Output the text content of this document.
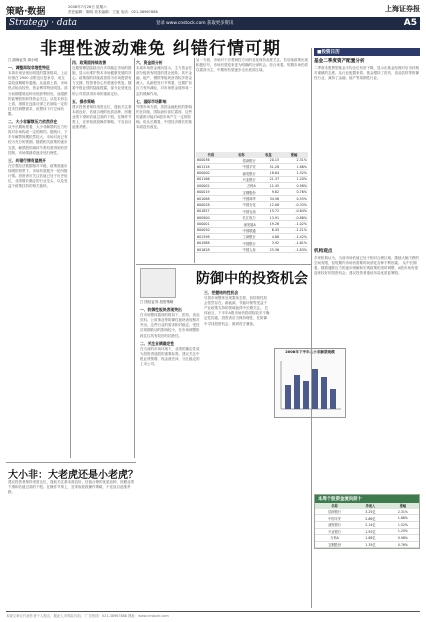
策略·数据	2008年7月26日 星期六
责任编辑：陈明 美术编辑：王旭 电话：021-38967888	上海证券报
Strategy · data	登录 www.cnstock.com 获取更多资讯	A5
非理性波动难免 纠错行情可期
□ 渤海证券 周小明
一、调整再现非理性特征
本周市场呈现出明显的震荡格局，上证综指在 2900 点附近反复争夺，成交量较前期略有萎缩。从盘面上看，市场热点轮动较快，资金博弈特征明显。部分前期强势品种出现获利回吐，而超跌的蓝筹股则获得资金关注。从技术形态上看，指数在连续反弹之后面临一定的技术性调整需求，但整体下行空间有限。
二、大小非解禁压力依然存在
从中长期角度看，大小非解禁的压力仍将对市场构成一定的制约。据统计，下半年解禁规模依然较大，市场对此已有较为充分的预期。随着相关政策的逐步完善，解禁股的减持节奏有望得到有效控制，市场情绪将逐步回归理性。
三、纠错行情有望展开
在宏观经济数据相对平稳、政策面逐步转暖的背景下，市场有望展开一轮纠错行情。投资者可关注估值已处于历史低位、业绩增长确定的行业龙头，以及受益于政策扶持的相关板块。
四、政策面持续改善
近期管理层陆续出台多项稳定市场的措施，显示出维护资本市场健康发展的决心。政策面的持续改善将为市场提供有力支撑，投资者信心有望逐步恢复。随着中报业绩的陆续披露，部分业绩优良的公司将获得市场的重新定价。
五、操作策略
建议投资者保持适度仓位，逢低关注基本面良好、估值合理的优质品种，回避业绩下滑和估值过高的个股。在操作节奏上，宜采取波段操作策略，不宜盲目追涨杀跌。
六、资金面分析
本周市场资金流向显示，主力资金在部分板块有明显的建仓迹象，其中金融、地产、钢铁等板块获得较多资金流入。从新股发行节奏看，近期扩容压力有所减轻，对市场资金面形成一定的缓解作用。
七、国际市场影响
外围市场方面，美国金融危机的影响仍在持续，国际油价高位震荡，这些因素都可能对A股市场产生一定的影响。但从长期看，中国经济增长的基本面没有改变。
另一方面，市场对于宏观调控方向的变化保持高度关注。若后续政策出现积极信号，市场有望迎来更为明确的反弹机会。综合来看，短期市场仍将以震荡为主，中期则有望逐步走出底部区域。
代码	名称	收盘	涨幅
600036	招商银行	20.15	2.31%
601318	中国平安	51.28	1.86%
600000	浦发银行	18.64	1.52%
601166	兴业银行	21.37	1.20%
000002	万科A	11.45	0.98%
600019	宝钢股份	9.82	0.76%
601088	中国神华	34.56	0.55%
600028	中国石化	12.08	-0.33%
601857	中国石油	15.72	-0.64%
600900	长江电力	13.91	-0.86%
000001	深发展A	19.26	-1.02%
600050	中国联通	6.45	-1.21%
601398	工商银行	4.88	-1.42%
601988	中国银行	3.92	-1.61%
601628	中国人寿	25.36	-1.83%
防御中的投资机会
□ 国信证券 投资策略
一、防御性板块表现突出
在市场整体震荡的格局下，医药、食品饮料、公用事业等防御性板块表现相对突出。这些行业的需求相对稳定，受经济周期波动的影响较小，在市场调整阶段往往具有较好的抗跌性。
二、关注业绩确定性
在当前的市场环境下，业绩的确定性成为投资者选股的重要标准。建议关注中报业绩预增、现金流充沛、分红稳定的上市公司。
三、把握结构性机会
尽管市场整体呈现震荡态势，但结构性机会依然存在。新能源、节能环保等受益于产业政策支持的领域值得中长期关注。 总体而言，下半年A股市场仍将面临较多不确定性因素，投资者应当保持理性，在防御中寻找投资机会，做到攻守兼备。
2008年下半年大小非解禁规模
■投资日历
基金二季度资产配置分析
二季度末股票型基金平均仓位有所下降，显示出基金经理对后市持相对谨慎的态度。从行业配置来看，基金增持了医药、食品饮料等防御性行业，减持了金融、地产等周期性行业。
机构观点
多家机构认为，当前市场估值已处于相对合理区域，继续大幅下跌的空间有限，但短期内市场仍需要时间消化各种不利因素。 从中长期看，随着通胀压力的逐步缓解和宏观政策的适时调整，A股市场有望迎来较好的投资机会。建议投资者逢低布局优质蓝筹股。
本周个股资金流向前十
名称	净流入	涨幅
招商银行	3.25亿	2.31%
中国平安	2.86亿	1.86%
浦发银行	2.14亿	1.52%
兴业银行	1.92亿	1.20%
万科A	1.68亿	0.98%
宝钢股份	1.35亿	0.76%
大小非：大老虎还是小老虎？
建议投资者保持适度仓位，逢低关注基本面良好、估值合理的优质品种，回避业绩下滑和估值过高的个股。在操作节奏上，宜采取波段操作策略，不宜盲目追涨杀跌。
本版文章仅代表作者个人观点，据此入市风险自担。 广告热线：021-38967888 网址：www.cnstock.com
